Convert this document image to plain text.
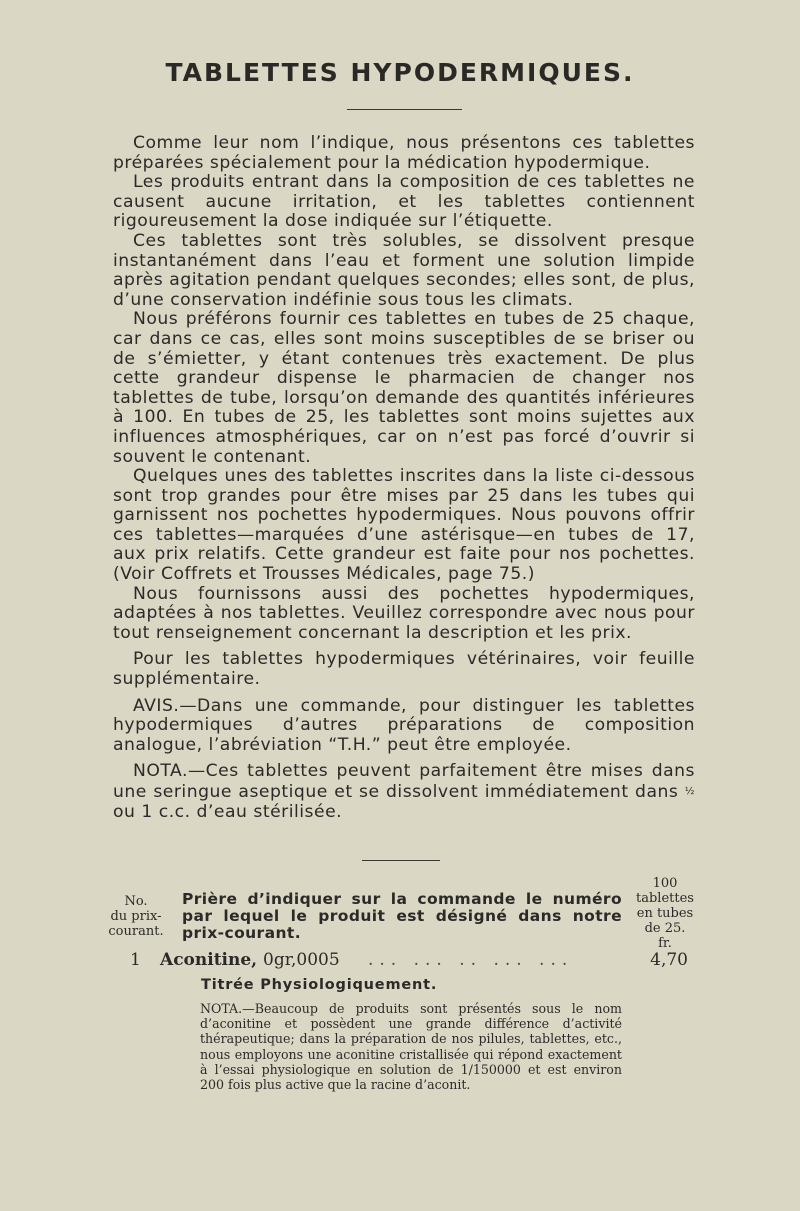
TABLETTES HYPODERMIQUES.

Comme leur nom l’indique, nous présentons ces tablettes préparées spécialement pour la médication hypodermique.

Les produits entrant dans la composition de ces tablettes ne causent aucune irritation, et les tablettes contiennent rigoureusement la dose indiquée sur l’étiquette.

Ces tablettes sont très solubles, se dissolvent presque instantanément dans l’eau et forment une solution limpide après agitation pendant quelques secondes; elles sont, de plus, d’une conservation indéfinie sous tous les climats.

Nous préférons fournir ces tablettes en tubes de 25 chaque, car dans ce cas, elles sont moins susceptibles de se briser ou de s’émietter, y étant contenues très exactement. De plus cette grandeur dispense le pharmacien de changer nos tablettes de tube, lorsqu’on demande des quantités inférieures à 100. En tubes de 25, les tablettes sont moins sujettes aux influences atmosphériques, car on n’est pas forcé d’ouvrir si souvent le contenant.

Quelques unes des tablettes inscrites dans la liste ci-dessous sont trop grandes pour être mises par 25 dans les tubes qui garnissent nos pochettes hypodermiques. Nous pouvons offrir ces tablettes—marquées d’une astérisque—en tubes de 17, aux prix relatifs. Cette grandeur est faite pour nos pochettes. (Voir Coffrets et Trousses Médicales, page 75.)

Nous fournissons aussi des pochettes hypodermiques, adaptées à nos tablettes. Veuillez correspondre avec nous pour tout renseignement concernant la description et les prix.

Pour les tablettes hypodermiques vétérinaires, voir feuille supplémentaire.

AVIS.—Dans une commande, pour distinguer les tablettes hypodermiques d’autres préparations de composition analogue, l’abréviation “T.H.” peut être employée.

NOTA.—Ces tablettes peuvent parfaitement être mises dans une seringue aseptique et se dissolvent immédiatement dans ½ ou 1 c.c. d’eau stérilisée.

No.
du prix-
courant.
Prière d’indiquer sur la commande le numéro par lequel le produit est désigné dans notre prix-courant.
100
tablettes
en tubes
de 25.
fr.
1 Aconitine, 0gr,0005 ... ... .. ... ...	4,70
Titrée Physiologiquement.

NOTA.—Beaucoup de produits sont présentés sous le nom d’aconitine et possèdent une grande différence d’activité thérapeutique; dans la préparation de nos pilules, tablettes, etc., nous employons une aconitine cristallisée qui répond exactement à l’essai physiologique en solution de 1/150000 et est environ 200 fois plus active que la racine d’aconit.
